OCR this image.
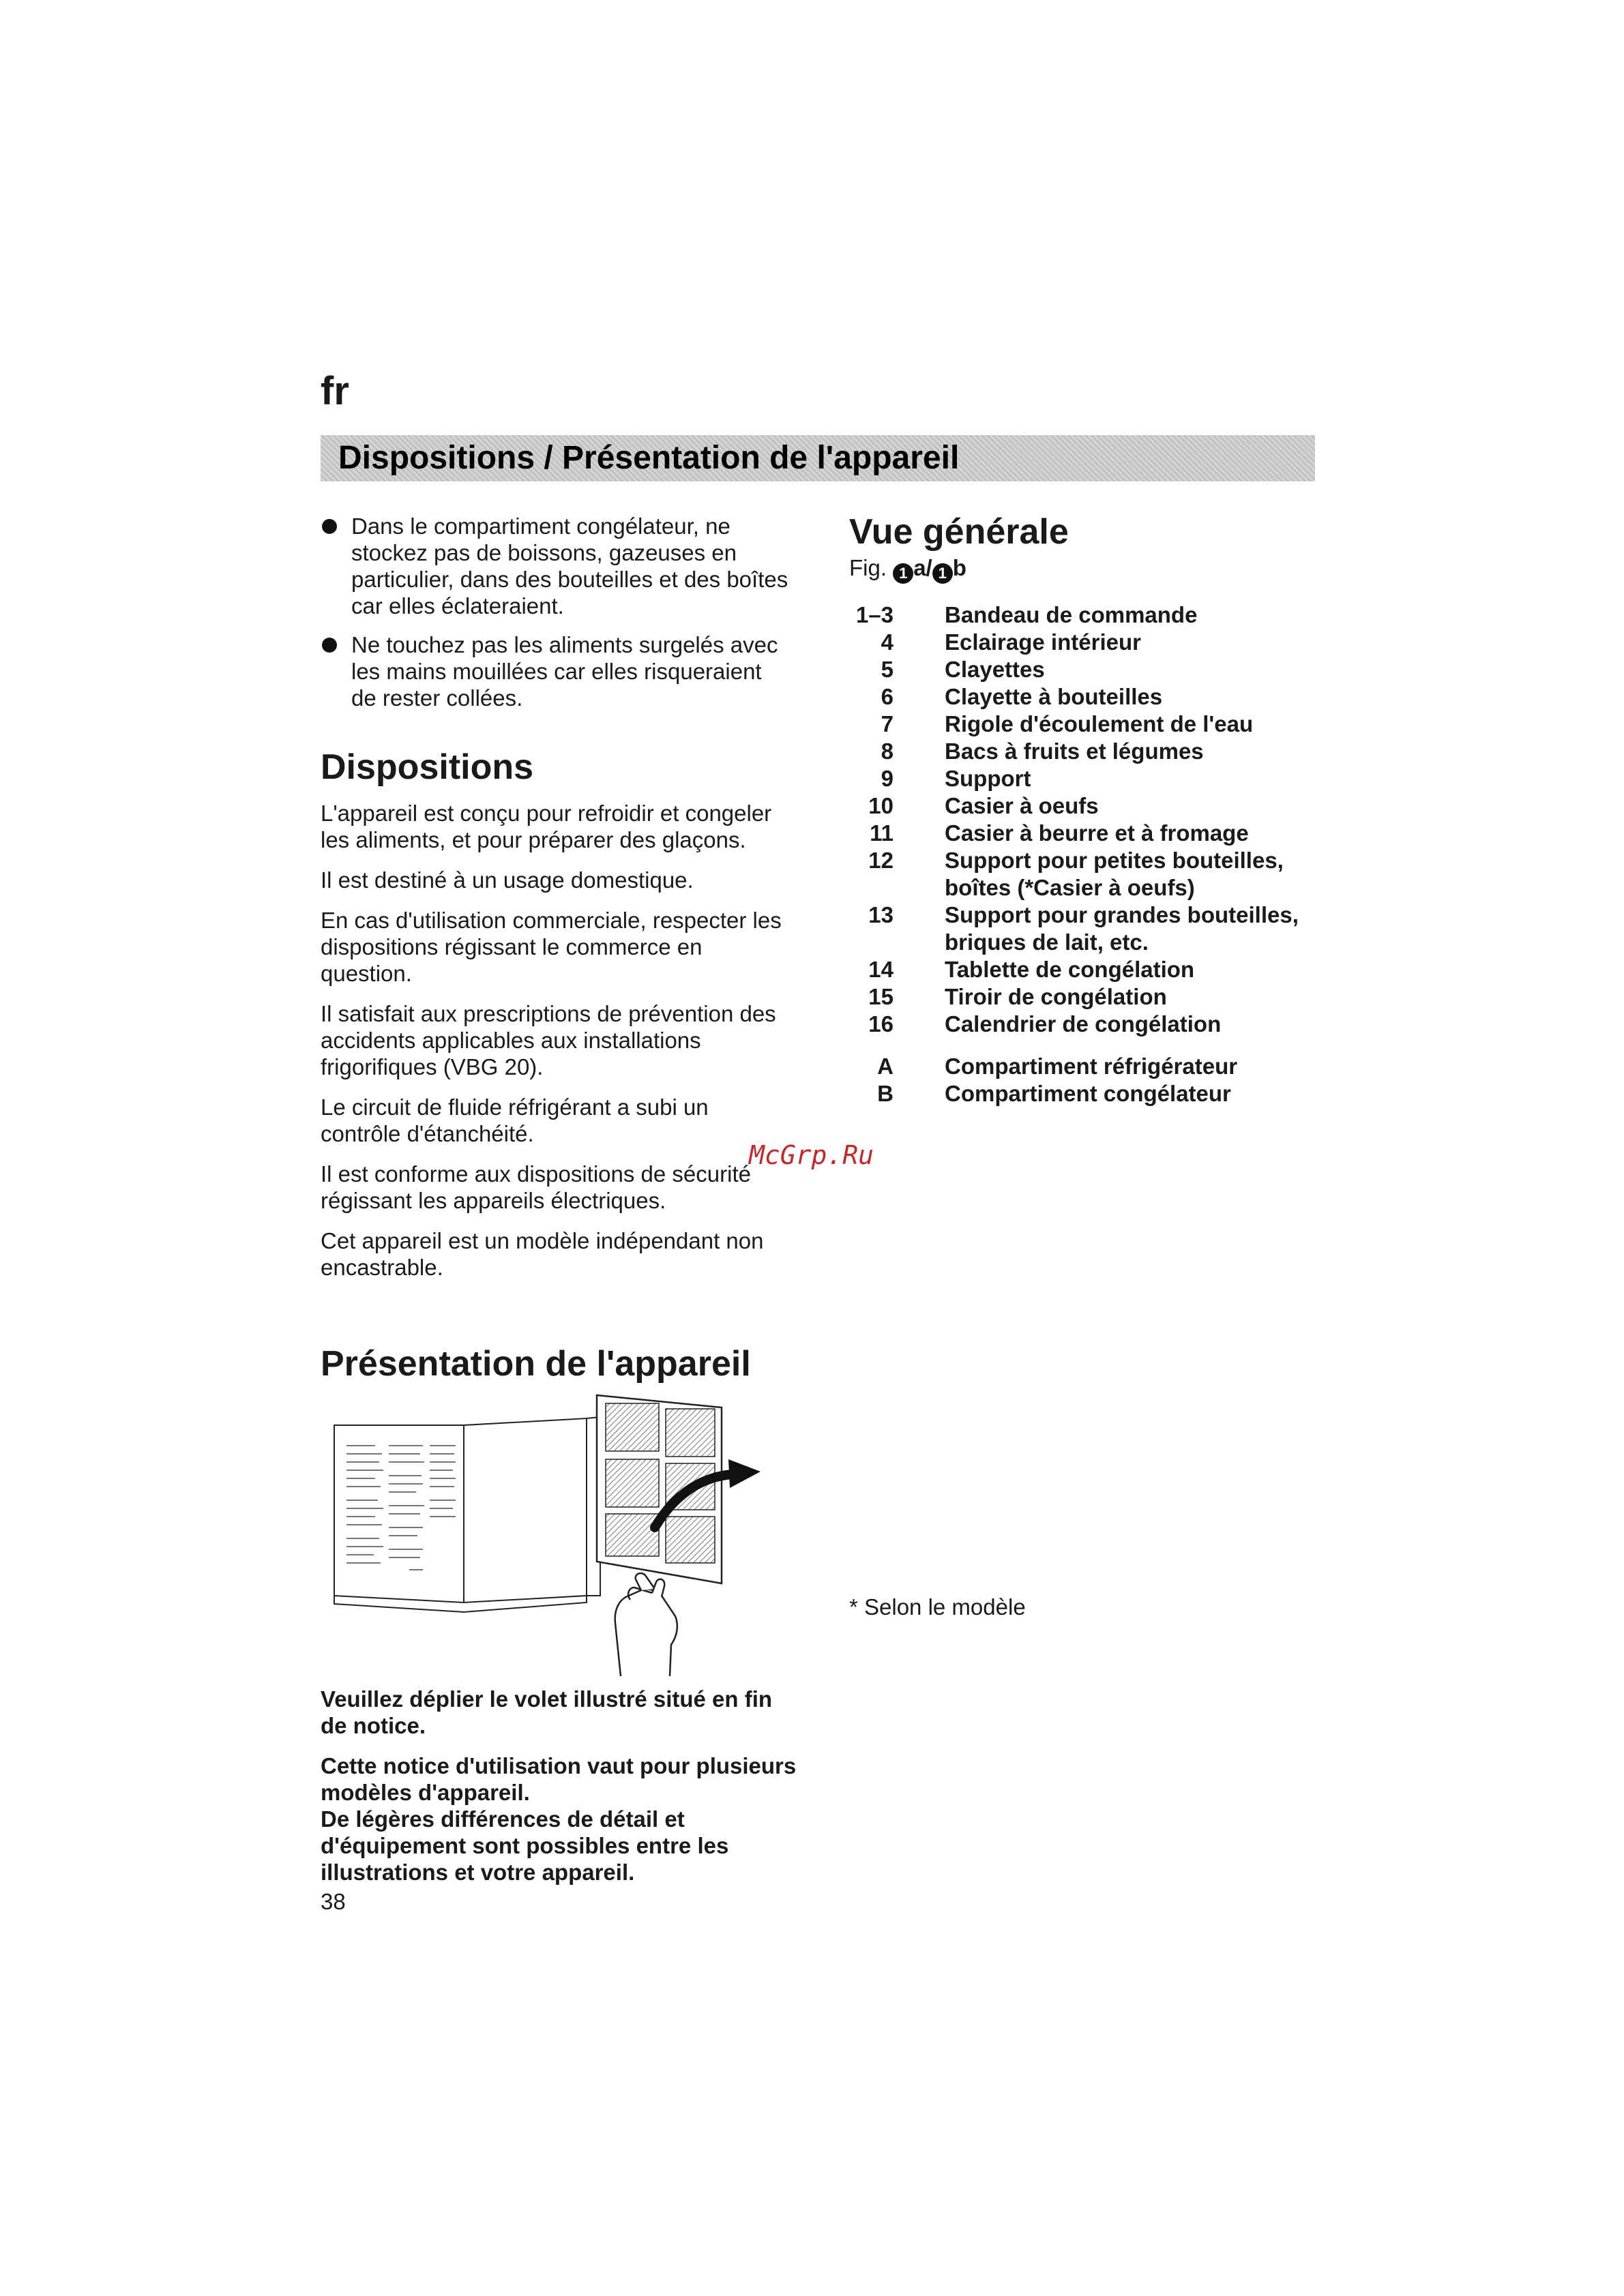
fr
Dispositions / Présentation de l'appareil

Dans le compartiment congélateur, ne stockez pas de boissons, gazeuses en particulier, dans des bouteilles et des boîtes car elles éclateraient.

Ne touchez pas les aliments surgelés avec les mains mouillées car elles risqueraient de rester collées.

Dispositions

L'appareil est conçu pour refroidir et congeler les aliments, et pour préparer des glaçons.

Il est destiné à un usage domestique.

En cas d'utilisation commerciale, respecter les dispositions régissant le commerce en question.

Il satisfait aux prescriptions de prévention des accidents applicables aux installations frigorifiques (VBG 20).

Le circuit de fluide réfrigérant a subi un contrôle d'étanchéité.

Il est conforme aux dispositions de sécurité régissant les appareils électriques.

Cet appareil est un modèle indépendant non encastrable.

Présentation de l'appareil

Veuillez déplier le volet illustré situé en fin de notice.

Cette notice d'utilisation vaut pour plusieurs modèles d'appareil.

De légères différences de détail et d'équipement sont possibles entre les illustrations et votre appareil.

38
Vue générale
Fig. 1 a/ 1 b
1–3	Bandeau de commande
4	Eclairage intérieur
5	Clayettes
6	Clayette à bouteilles
7	Rigole d'écoulement de l'eau
8	Bacs à fruits et légumes
9	Support
10	Casier à oeufs
11	Casier à beurre et à fromage
12	Support pour petites bouteilles, boîtes (*Casier à oeufs)
13	Support pour grandes bouteilles, briques de lait, etc.
14	Tablette de congélation
15	Tiroir de congélation
16	Calendrier de congélation
A	Compartiment réfrigérateur
B	Compartiment congélateur
McGrp.Ru
* Selon le modèle
